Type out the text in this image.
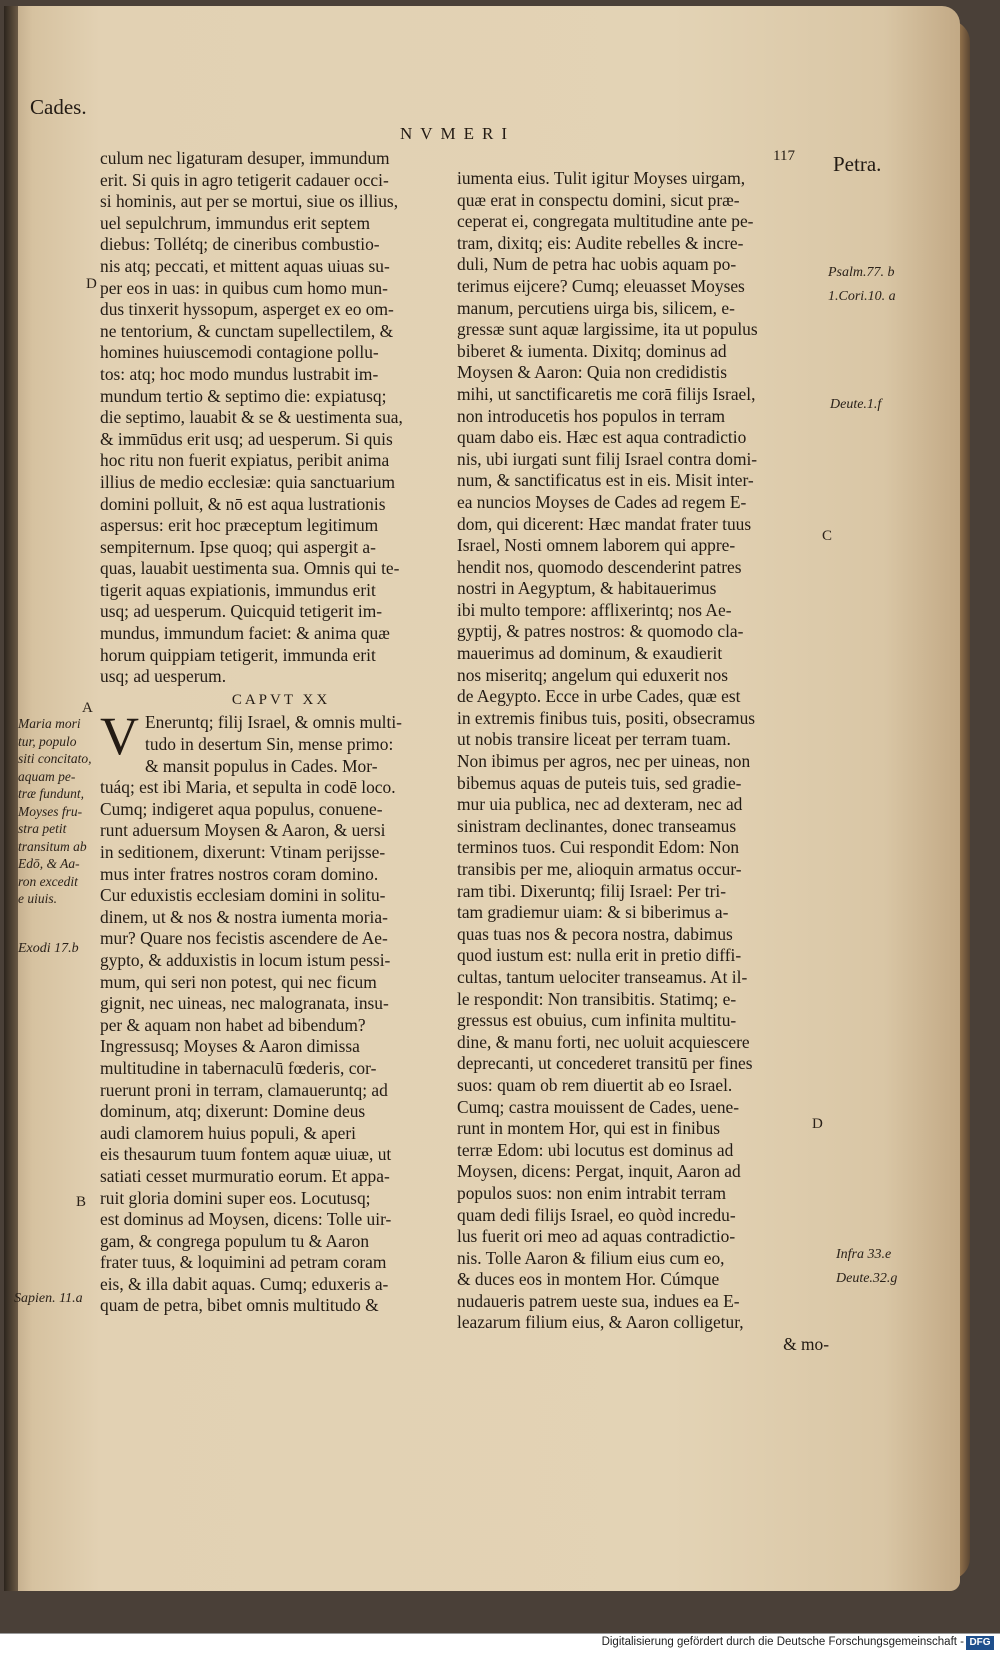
Cades.
NVMERI
117 Petra.
D
A
B
Maria mori
tur, populo
siti concitato,
aquam pe-
træ fundunt,
Moyses fru-
stra petit
transitum ab
Edō, & Aa-
ron excedit
e uiuis.
Exodi 17.b
Sapien. 11.a
Psalm.77. b
1.Cori.10. a
Deute.1.f
C
D
Infra 33.e
Deute.32.g

culum nec ligaturam desuper, immundum

erit. Si quis in agro tetigerit cadauer occi-

si hominis, aut per se mortui, siue os illius,

uel sepulchrum, immundus erit septem

diebus: Tollétq; de cineribus combustio-

nis atq; peccati, et mittent aquas uiuas su-

per eos in uas: in quibus cum homo mun-

dus tinxerit hyssopum, asperget ex eo om-

ne tentorium, & cunctam supellectilem, &

homines huiuscemodi contagione pollu-

tos: atq; hoc modo mundus lustrabit im-

mundum tertio & septimo die: expiatusq;

die septimo, lauabit & se & uestimenta sua,

& immūdus erit usq; ad uesperum. Si quis

hoc ritu non fuerit expiatus, peribit anima

illius de medio ecclesiæ: quia sanctuarium

domini polluit, & nō est aqua lustrationis

aspersus: erit hoc præceptum legitimum

sempiternum. Ipse quoq; qui aspergit a-

quas, lauabit uestimenta sua. Omnis qui te-

tigerit aquas expiationis, immundus erit

usq; ad uesperum. Quicquid tetigerit im-

mundus, immundum faciet: & anima quæ

horum quippiam tetigerit, immunda erit

usq; ad uesperum.

CAPVT XX
V Eneruntq; filij Israel, & omnis multi-

tudo in desertum Sin, mense primo:

& mansit populus in Cades. Mor-

tuáq; est ibi Maria, et sepulta in codē loco.

Cumq; indigeret aqua populus, conuene-

runt aduersum Moysen & Aaron, & uersi

in seditionem, dixerunt: Vtinam perijsse-

mus inter fratres nostros coram domino.

Cur eduxistis ecclesiam domini in solitu-

dinem, ut & nos & nostra iumenta moria-

mur? Quare nos fecistis ascendere de Ae-

gypto, & adduxistis in locum istum pessi-

mum, qui seri non potest, qui nec ficum

gignit, nec uineas, nec malogranata, insu-

per & aquam non habet ad bibendum?

Ingressusq; Moyses & Aaron dimissa

multitudine in tabernaculū fœderis, cor-

ruerunt proni in terram, clamaueruntq; ad

dominum, atq; dixerunt: Domine deus

audi clamorem huius populi, & aperi

eis thesaurum tuum fontem aquæ uiuæ, ut

satiati cesset murmuratio eorum. Et appa-

ruit gloria domini super eos. Locutusq;

est dominus ad Moysen, dicens: Tolle uir-

gam, & congrega populum tu & Aaron

frater tuus, & loquimini ad petram coram

eis, & illa dabit aquas. Cumq; eduxeris a-

quam de petra, bibet omnis multitudo &

iumenta eius. Tulit igitur Moyses uirgam,

quæ erat in conspectu domini, sicut præ-

ceperat ei, congregata multitudine ante pe-

tram, dixitq; eis: Audite rebelles & incre-

duli, Num de petra hac uobis aquam po-

terimus eijcere? Cumq; eleuasset Moyses

manum, percutiens uirga bis, silicem, e-

gressæ sunt aquæ largissime, ita ut populus

biberet & iumenta. Dixitq; dominus ad

Moysen & Aaron: Quia non credidistis

mihi, ut sanctificaretis me corā filijs Israel,

non introducetis hos populos in terram

quam dabo eis. Hæc est aqua contradictio

nis, ubi iurgati sunt filij Israel contra domi-

num, & sanctificatus est in eis. Misit inter-

ea nuncios Moyses de Cades ad regem E-

dom, qui dicerent: Hæc mandat frater tuus

Israel, Nosti omnem laborem qui appre-

hendit nos, quomodo descenderint patres

nostri in Aegyptum, & habitauerimus

ibi multo tempore: afflixerintq; nos Ae-

gyptij, & patres nostros: & quomodo cla-

mauerimus ad dominum, & exaudierit

nos miseritq; angelum qui eduxerit nos

de Aegypto. Ecce in urbe Cades, quæ est

in extremis finibus tuis, positi, obsecramus

ut nobis transire liceat per terram tuam.

Non ibimus per agros, nec per uineas, non

bibemus aquas de puteis tuis, sed gradie-

mur uia publica, nec ad dexteram, nec ad

sinistram declinantes, donec transeamus

terminos tuos. Cui respondit Edom: Non

transibis per me, alioquin armatus occur-

ram tibi. Dixeruntq; filij Israel: Per tri-

tam gradiemur uiam: & si biberimus a-

quas tuas nos & pecora nostra, dabimus

quod iustum est: nulla erit in pretio diffi-

cultas, tantum uelociter transeamus. At il-

le respondit: Non transibitis. Statimq; e-

gressus est obuius, cum infinita multitu-

dine, & manu forti, nec uoluit acquiescere

deprecanti, ut concederet transitū per fines

suos: quam ob rem diuertit ab eo Israel.

Cumq; castra mouissent de Cades, uene-

runt in montem Hor, qui est in finibus

terræ Edom: ubi locutus est dominus ad

Moysen, dicens: Pergat, inquit, Aaron ad

populos suos: non enim intrabit terram

quam dedi filijs Israel, eo quòd incredu-

lus fuerit ori meo ad aquas contradictio-

nis. Tolle Aaron & filium eius cum eo,

& duces eos in montem Hor. Cúmque

nudaueris patrem ueste sua, indues ea E-

leazarum filium eius, & Aaron colligetur,

& mo-

Digitalisierung gefördert durch die Deutsche Forschungsgemeinschaft - DFG
